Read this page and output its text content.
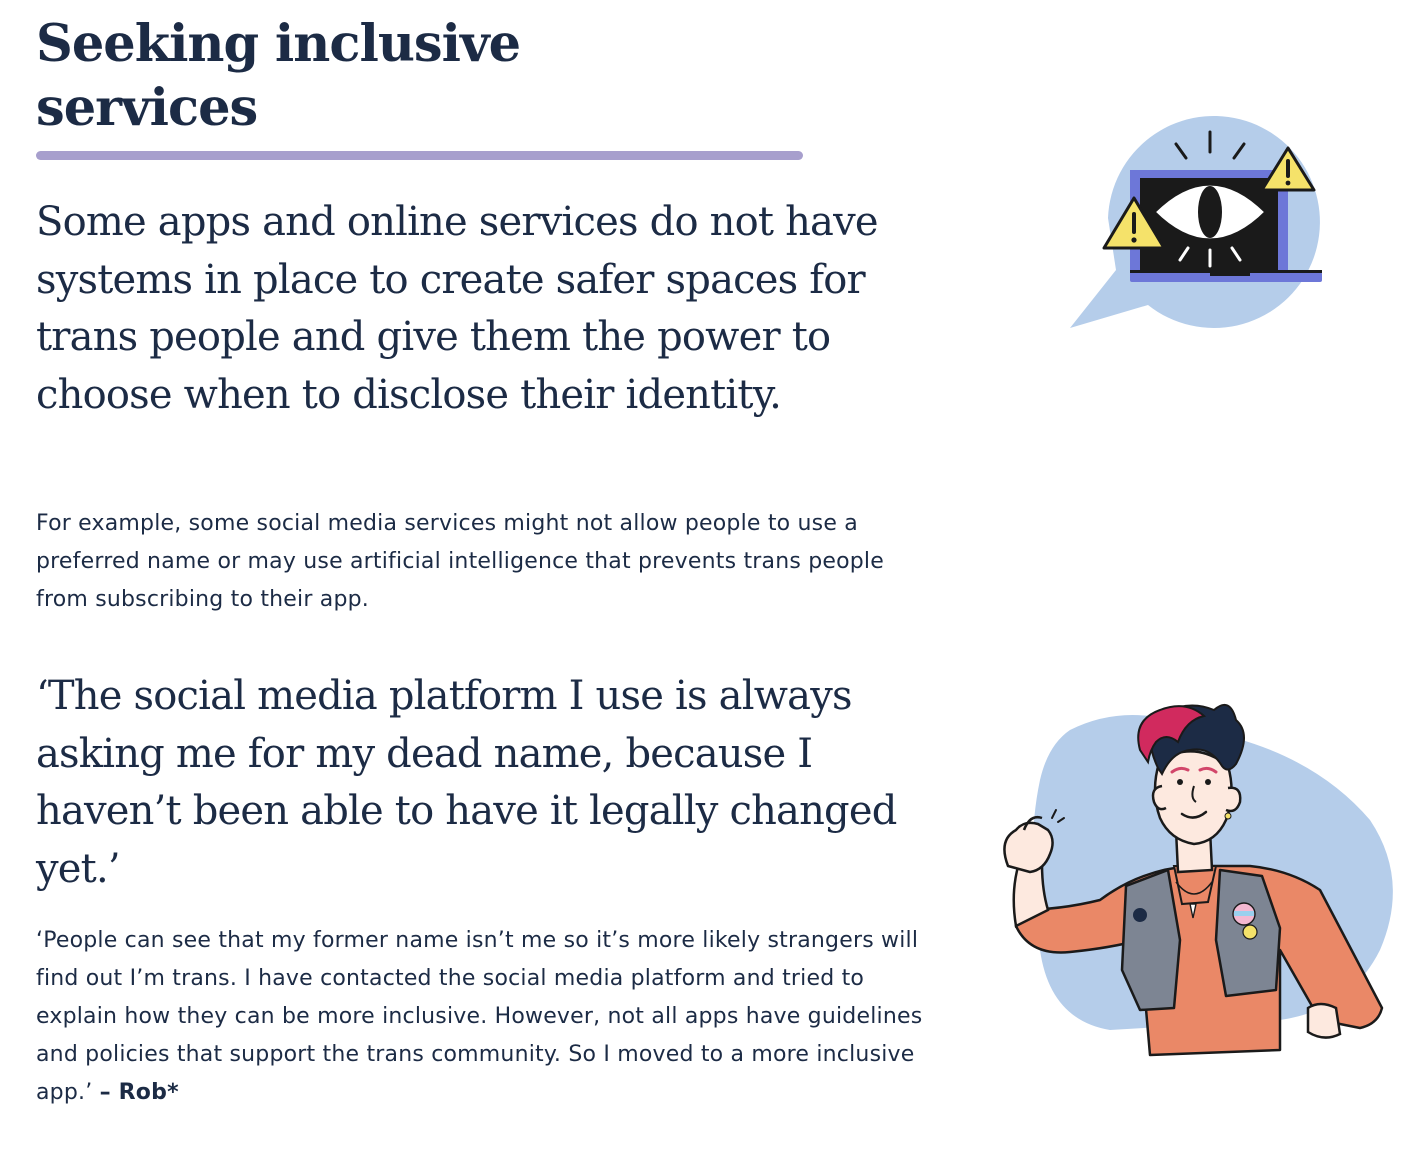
Seeking inclusive services

Some apps and online services do not have systems in place to create safer spaces for trans people and give them the power to choose when to disclose their identity.

For example, some social media services might not allow people to use a preferred name or may use artificial intelligence that prevents trans people from subscribing to their app.

‘The social media platform I use is always asking me for my dead name, because I haven’t been able to have it legally changed yet.’

‘People can see that my former name isn’t me so it’s more likely strangers will find out I’m trans. I have contacted the social media platform and tried to explain how they can be more inclusive. However, not all apps have guidelines and policies that support the trans community. So I moved to a more inclusive app.’ – Rob*
